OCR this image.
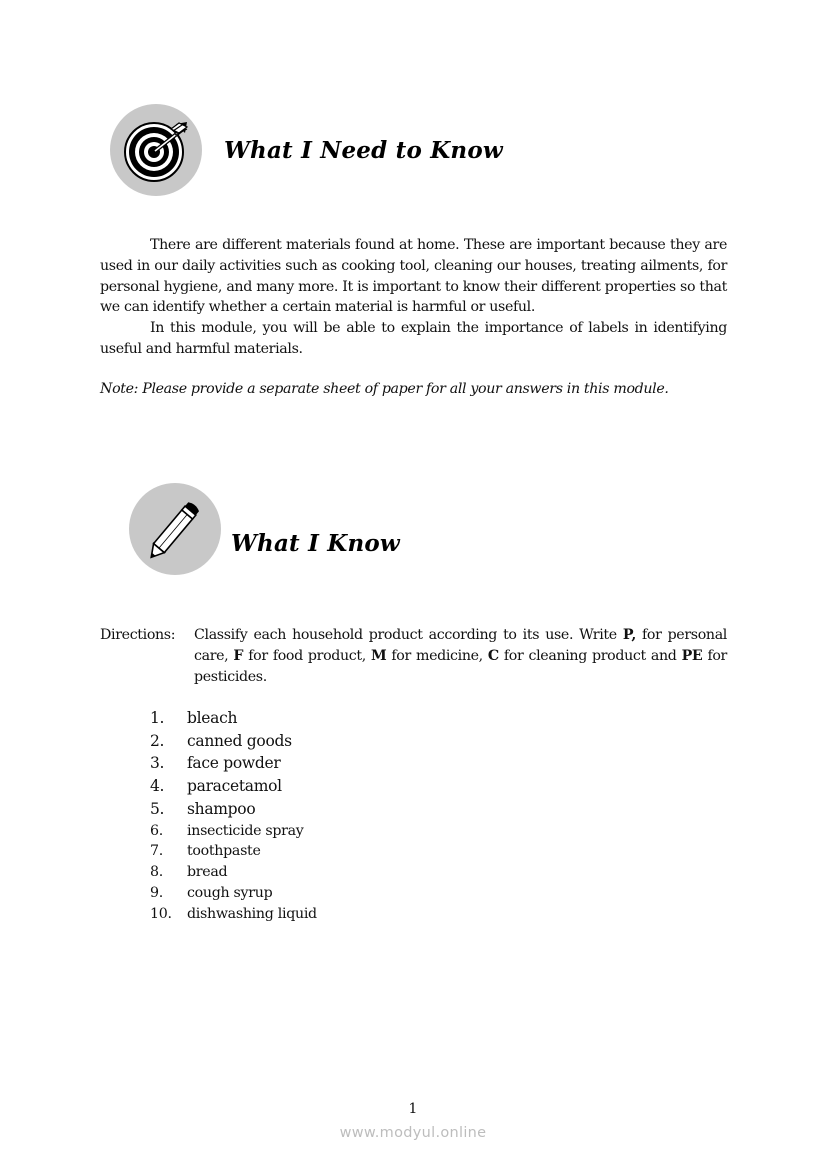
What I Need to Know

There are different materials found at home. These are important because they are used in our daily activities such as cooking tool, cleaning our houses, treating ailments, for personal hygiene, and many more. It is important to know their different properties so that we can identify whether a certain material is harmful or useful.

In this module, you will be able to explain the importance of labels in identifying useful and harmful materials.

Note: Please provide a separate sheet of paper for all your answers in this module.

What I Know
Directions: Classify each household product according to its use. Write P, for personal care, F for food product, M for medicine, C for cleaning product and PE for pesticides.
1.	bleach
2.	canned goods
3.	face powder
4.	paracetamol
5.	shampoo
6.	insecticide spray
7.	toothpaste
8.	bread
9.	cough syrup
10.	dishwashing liquid
1
www.modyul.online
